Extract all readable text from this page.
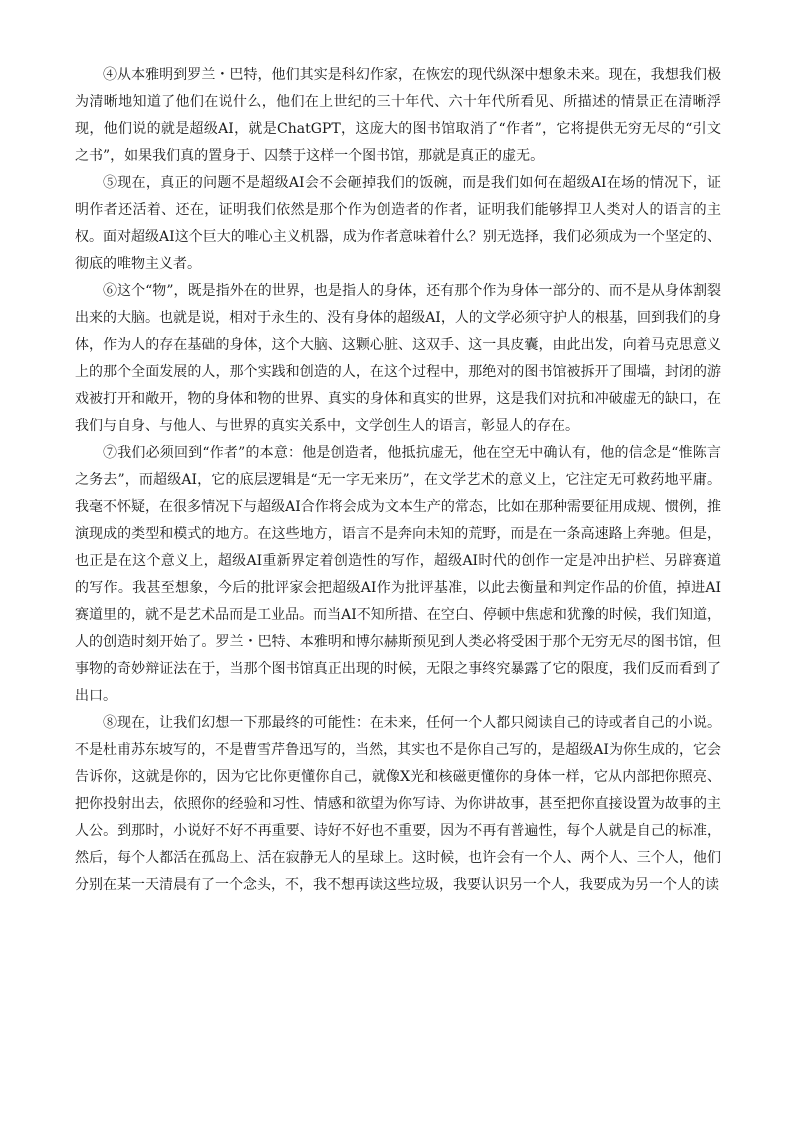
④从本雅明到罗兰・巴特，他们其实是科幻作家，在恢宏的现代纵深中想象未来。现在，我想我们极为清晰地知道了他们在说什么，他们在上世纪的三十年代、六十年代所看见、所描述的情景正在清晰浮现，他们说的就是超级AI，就是ChatGPT，这庞大的图书馆取消了“作者”，它将提供无穷无尽的“引文之书”，如果我们真的置身于、囚禁于这样一个图书馆，那就是真正的虚无。

⑤现在，真正的问题不是超级AI会不会砸掉我们的饭碗，而是我们如何在超级AI在场的情况下，证明作者还活着、还在，证明我们依然是那个作为创造者的作者，证明我们能够捍卫人类对人的语言的主权。面对超级AI这个巨大的唯心主义机器，成为作者意味着什么？别无选择，我们必须成为一个坚定的、彻底的唯物主义者。

⑥这个“物”，既是指外在的世界，也是指人的身体，还有那个作为身体一部分的、而不是从身体割裂出来的大脑。也就是说，相对于永生的、没有身体的超级AI，人的文学必须守护人的根基，回到我们的身体，作为人的存在基础的身体，这个大脑、这颗心脏、这双手、这一具皮囊，由此出发，向着马克思意义上的那个全面发展的人，那个实践和创造的人，在这个过程中，那绝对的图书馆被拆开了围墙，封闭的游戏被打开和敞开，物的身体和物的世界、真实的身体和真实的世界，这是我们对抗和冲破虚无的缺口，在我们与自身、与他人、与世界的真实关系中，文学创生人的语言，彰显人的存在。

⑦我们必须回到“作者”的本意：他是创造者，他抵抗虚无，他在空无中确认有，他的信念是“惟陈言之务去”，而超级AI，它的底层逻辑是“无一字无来历”，在文学艺术的意义上，它注定无可救药地平庸。我毫不怀疑，在很多情况下与超级AI合作将会成为文本生产的常态，比如在那种需要征用成规、惯例，推演现成的类型和模式的地方。在这些地方，语言不是奔向未知的荒野，而是在一条高速路上奔驰。但是，也正是在这个意义上，超级AI重新界定着创造性的写作，超级AI时代的创作一定是冲出护栏、另辟赛道的写作。我甚至想象，今后的批评家会把超级AI作为批评基准，以此去衡量和判定作品的价值，掉进AI赛道里的，就不是艺术品而是工业品。而当AI不知所措、在空白、停顿中焦虑和犹豫的时候，我们知道，人的创造时刻开始了。罗兰・巴特、本雅明和博尔赫斯预见到人类必将受困于那个无穷无尽的图书馆，但事物的奇妙辩证法在于，当那个图书馆真正出现的时候，无限之事终究暴露了它的限度，我们反而看到了出口。

⑧现在，让我们幻想一下那最终的可能性：在未来，任何一个人都只阅读自己的诗或者自己的小说。不是杜甫苏东坡写的，不是曹雪芹鲁迅写的，当然，其实也不是你自己写的，是超级AI为你生成的，它会告诉你，这就是你的，因为它比你更懂你自己，就像X光和核磁更懂你的身体一样，它从内部把你照亮、把你投射出去，依照你的经验和习性、情感和欲望为你写诗、为你讲故事，甚至把你直接设置为故事的主人公。到那时，小说好不好不再重要、诗好不好也不重要，因为不再有普遍性，每个人就是自己的标准，然后，每个人都活在孤岛上、活在寂静无人的星球上。这时候，也许会有一个人、两个人、三个人，他们分别在某一天清晨有了一个念头，不，我不想再读这些垃圾，我要认识另一个人，我要成为另一个人的读
